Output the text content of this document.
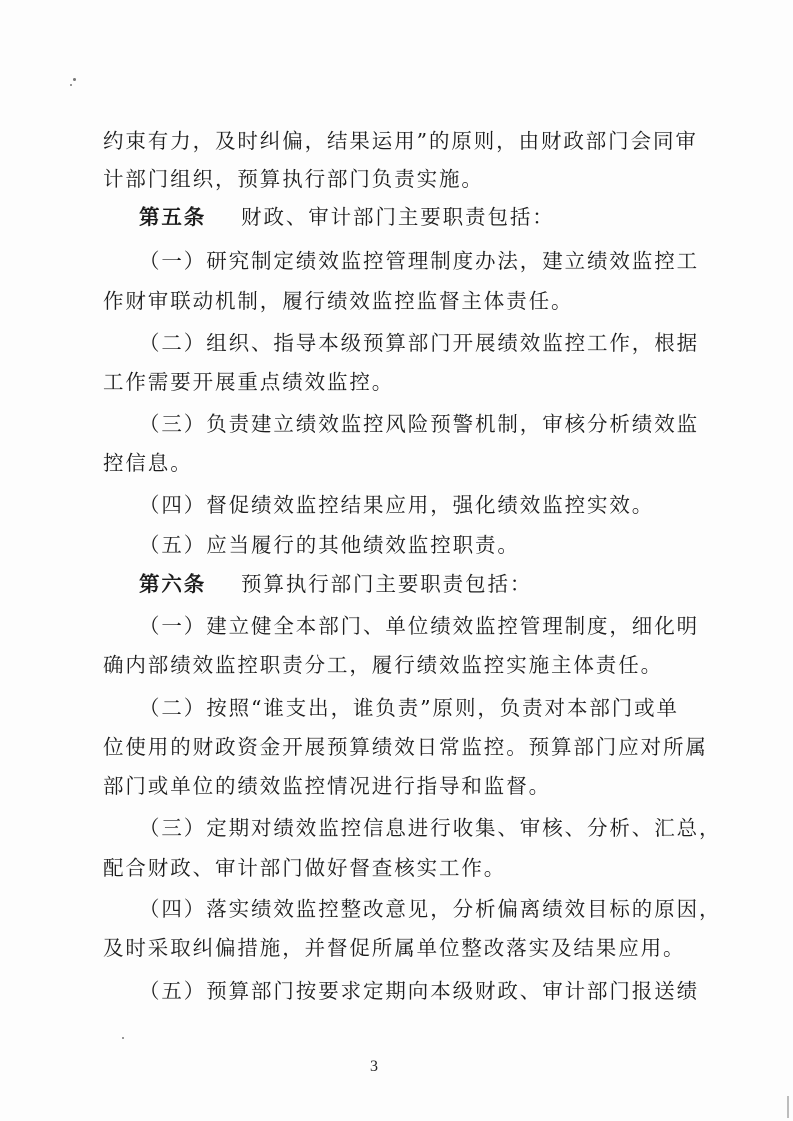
约束有力，及时纠偏，结果运用”的原则，由财政部门会同审
计部门组织，预算执行部门负责实施。
第五条 财政、审计部门主要职责包括：
（一）研究制定绩效监控管理制度办法，建立绩效监控工
作财审联动机制，履行绩效监控监督主体责任。
（二）组织、指导本级预算部门开展绩效监控工作，根据
工作需要开展重点绩效监控。
（三）负责建立绩效监控风险预警机制，审核分析绩效监
控信息。
（四）督促绩效监控结果应用，强化绩效监控实效。
（五）应当履行的其他绩效监控职责。
第六条 预算执行部门主要职责包括：
（一）建立健全本部门、单位绩效监控管理制度，细化明
确内部绩效监控职责分工，履行绩效监控实施主体责任。
（二）按照“谁支出，谁负责”原则，负责对本部门或单
位使用的财政资金开展预算绩效日常监控。预算部门应对所属
部门或单位的绩效监控情况进行指导和监督。
（三）定期对绩效监控信息进行收集、审核、分析、汇总，
配合财政、审计部门做好督查核实工作。
（四）落实绩效监控整改意见，分析偏离绩效目标的原因，
及时采取纠偏措施，并督促所属单位整改落实及结果应用。
（五）预算部门按要求定期向本级财政、审计部门报送绩
3
